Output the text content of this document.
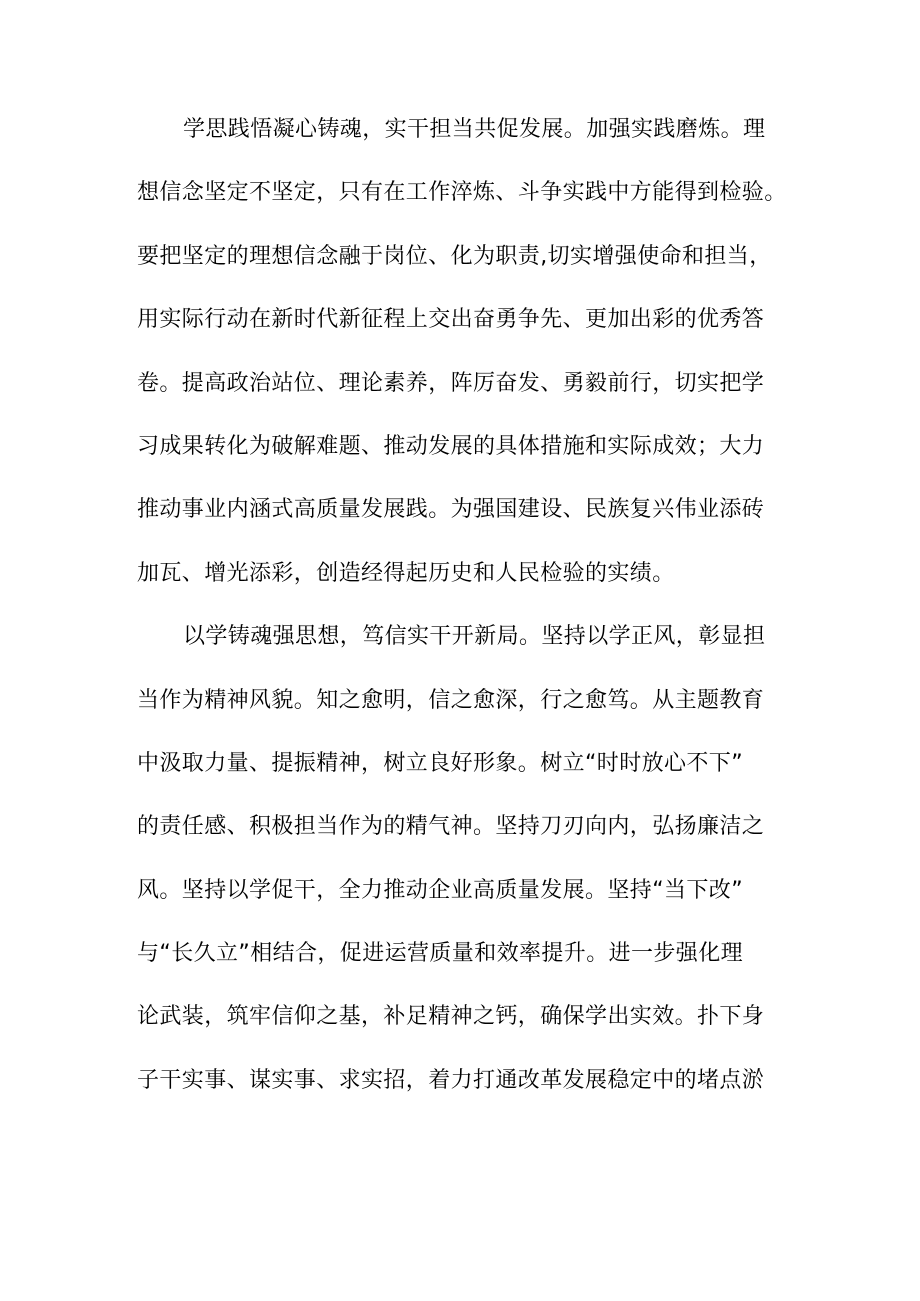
学思践悟凝心铸魂，实干担当共促发展。加强实践磨炼。理
想信念坚定不坚定，只有在工作淬炼、斗争实践中方能得到检验。
要把坚定的理想信念融于岗位、化为职责,切实增强使命和担当，
用实际行动在新时代新征程上交出奋勇争先、更加出彩的优秀答
卷。提高政治站位、理论素养，阵厉奋发、勇毅前行，切实把学
习成果转化为破解难题、推动发展的具体措施和实际成效；大力
推动事业内涵式高质量发展践。为强国建设、民族复兴伟业添砖
加瓦、增光添彩，创造经得起历史和人民检验的实绩。
以学铸魂强思想，笃信实干开新局。坚持以学正风，彰显担
当作为精神风貌。知之愈明，信之愈深，行之愈笃。从主题教育
中汲取力量、提振精神，树立良好形象。树立“时时放心不下”
的责任感、积极担当作为的精气神。坚持刀刃向内，弘扬廉洁之
风。坚持以学促干，全力推动企业高质量发展。坚持“当下改”
与“长久立”相结合，促进运营质量和效率提升。进一步强化理
论武装，筑牢信仰之基，补足精神之钙，确保学出实效。扑下身
子干实事、谋实事、求实招，着力打通改革发展稳定中的堵点淤
